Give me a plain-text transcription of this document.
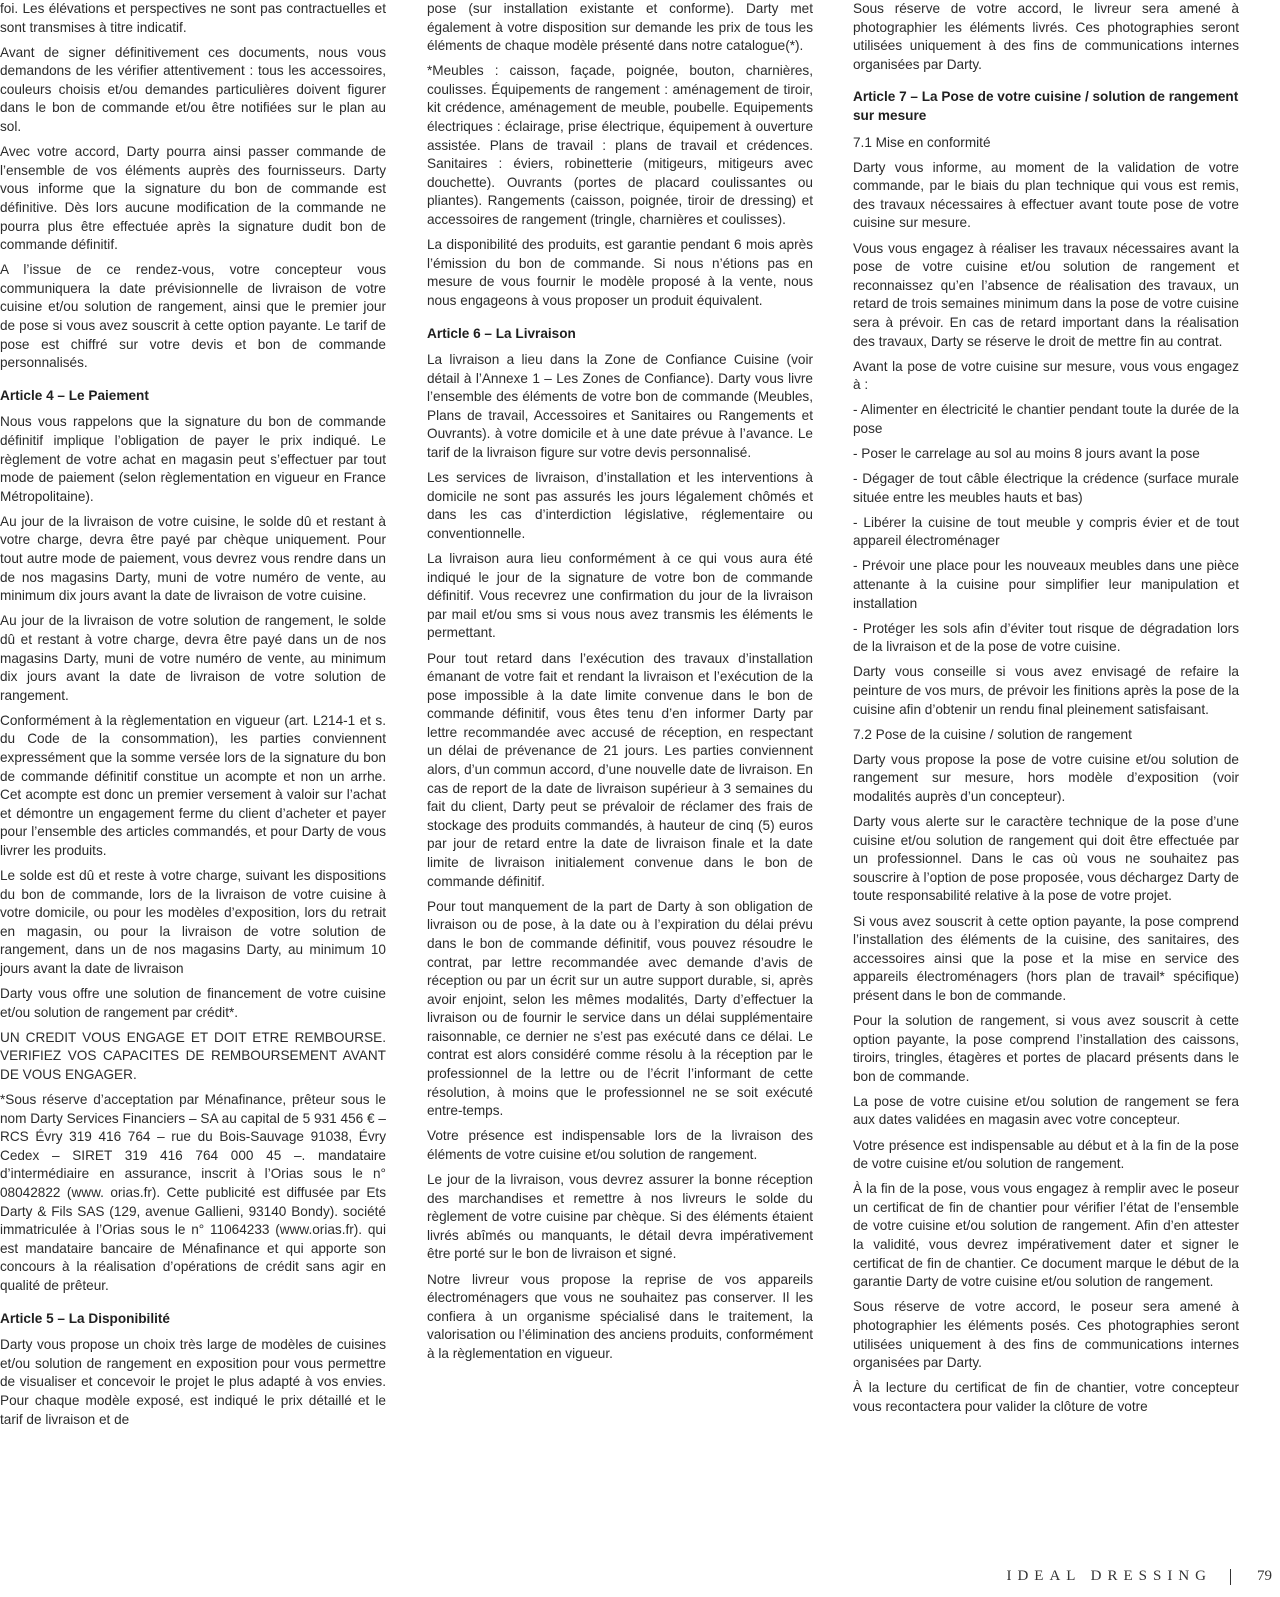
foi. Les élévations et perspectives ne sont pas contractuelles et sont transmises à titre indicatif.

Avant de signer définitivement ces documents, nous vous demandons de les vérifier attentivement : tous les accessoires, couleurs choisis et/ou demandes particulières doivent figurer dans le bon de commande et/ou être notifiées sur le plan au sol.

Avec votre accord, Darty pourra ainsi passer commande de l’ensemble de vos éléments auprès des fournisseurs. Darty vous informe que la signature du bon de commande est définitive. Dès lors aucune modification de la commande ne pourra plus être effectuée après la signature dudit bon de commande définitif.

A l’issue de ce rendez-vous, votre concepteur vous communiquera la date prévisionnelle de livraison de votre cuisine et/ou solution de rangement, ainsi que le premier jour de pose si vous avez souscrit à cette option payante. Le tarif de pose est chiffré sur votre devis et bon de commande personnalisés.

Article 4 – Le Paiement

Nous vous rappelons que la signature du bon de commande définitif implique l’obligation de payer le prix indiqué. Le règlement de votre achat en magasin peut s’effectuer par tout mode de paiement (selon règlementation en vigueur en France Métropolitaine).

Au jour de la livraison de votre cuisine, le solde dû et restant à votre charge, devra être payé par chèque uniquement. Pour tout autre mode de paiement, vous devrez vous rendre dans un de nos magasins Darty, muni de votre numéro de vente, au minimum dix jours avant la date de livraison de votre cuisine.

Au jour de la livraison de votre solution de rangement, le solde dû et restant à votre charge, devra être payé dans un de nos magasins Darty, muni de votre numéro de vente, au minimum dix jours avant la date de livraison de votre solution de rangement.

Conformément à la règlementation en vigueur (art. L214-1 et s. du Code de la consommation), les parties conviennent expressément que la somme versée lors de la signature du bon de commande définitif constitue un acompte et non un arrhe. Cet acompte est donc un premier versement à valoir sur l’achat et démontre un engagement ferme du client d’acheter et payer pour l’ensemble des articles commandés, et pour Darty de vous livrer les produits.

Le solde est dû et reste à votre charge, suivant les dispositions du bon de commande, lors de la livraison de votre cuisine à votre domicile, ou pour les modèles d’exposition, lors du retrait en magasin, ou pour la livraison de votre solution de rangement, dans un de nos magasins Darty, au minimum 10 jours avant la date de livraison

Darty vous offre une solution de financement de votre cuisine et/ou solution de rangement par crédit*.

UN CREDIT VOUS ENGAGE ET DOIT ETRE REMBOURSE. VERIFIEZ VOS CAPACITES DE REMBOURSEMENT AVANT DE VOUS ENGAGER.

*Sous réserve d’acceptation par Ménafinance, prêteur sous le nom Darty Services Financiers – SA au capital de 5 931 456 € – RCS Évry 319 416 764 – rue du Bois-Sauvage 91038, Évry Cedex – SIRET 319 416 764 000 45 –. mandataire d’intermédiaire en assurance, inscrit à l’Orias sous le n° 08042822 (www. orias.fr). Cette publicité est diffusée par Ets Darty & Fils SAS (129, avenue Gallieni, 93140 Bondy). société immatriculée à l’Orias sous le n° 11064233 (www.orias.fr). qui est mandataire bancaire de Ménafinance et qui apporte son concours à la réalisation d’opérations de crédit sans agir en qualité de prêteur.

Article 5 – La Disponibilité

Darty vous propose un choix très large de modèles de cuisines et/ou solution de rangement en exposition pour vous permettre de visualiser et concevoir le projet le plus adapté à vos envies. Pour chaque modèle exposé, est indiqué le prix détaillé et le tarif de livraison et de

pose (sur installation existante et conforme). Darty met également à votre disposition sur demande les prix de tous les éléments de chaque modèle présenté dans notre catalogue(*).

*Meubles : caisson, façade, poignée, bouton, charnières, coulisses. Équipements de rangement : aménagement de tiroir, kit crédence, aménagement de meuble, poubelle. Equipements électriques : éclairage, prise électrique, équipement à ouverture assistée. Plans de travail : plans de travail et crédences. Sanitaires : éviers, robinetterie (mitigeurs, mitigeurs avec douchette). Ouvrants (portes de placard coulissantes ou pliantes). Rangements (caisson, poignée, tiroir de dressing) et accessoires de rangement (tringle, charnières et coulisses).

La disponibilité des produits, est garantie pendant 6 mois après l’émission du bon de commande. Si nous n’étions pas en mesure de vous fournir le modèle proposé à la vente, nous nous engageons à vous proposer un produit équivalent.

Article 6 – La Livraison

La livraison a lieu dans la Zone de Confiance Cuisine (voir détail à l’Annexe 1 – Les Zones de Confiance). Darty vous livre l’ensemble des éléments de votre bon de commande (Meubles, Plans de travail, Accessoires et Sanitaires ou Rangements et Ouvrants). à votre domicile et à une date prévue à l’avance. Le tarif de la livraison figure sur votre devis personnalisé.

Les services de livraison, d’installation et les interventions à domicile ne sont pas assurés les jours légalement chômés et dans les cas d’interdiction législative, réglementaire ou conventionnelle.

La livraison aura lieu conformément à ce qui vous aura été indiqué le jour de la signature de votre bon de commande définitif. Vous recevrez une confirmation du jour de la livraison par mail et/ou sms si vous nous avez transmis les éléments le permettant.

Pour tout retard dans l’exécution des travaux d’installation émanant de votre fait et rendant la livraison et l’exécution de la pose impossible à la date limite convenue dans le bon de commande définitif, vous êtes tenu d’en informer Darty par lettre recommandée avec accusé de réception, en respectant un délai de prévenance de 21 jours. Les parties conviennent alors, d’un commun accord, d’une nouvelle date de livraison. En cas de report de la date de livraison supérieur à 3 semaines du fait du client, Darty peut se prévaloir de réclamer des frais de stockage des produits commandés, à hauteur de cinq (5) euros par jour de retard entre la date de livraison finale et la date limite de livraison initialement convenue dans le bon de commande définitif.

Pour tout manquement de la part de Darty à son obligation de livraison ou de pose, à la date ou à l’expiration du délai prévu dans le bon de commande définitif, vous pouvez résoudre le contrat, par lettre recommandée avec demande d’avis de réception ou par un écrit sur un autre support durable, si, après avoir enjoint, selon les mêmes modalités, Darty d’effectuer la livraison ou de fournir le service dans un délai supplémentaire raisonnable, ce dernier ne s’est pas exécuté dans ce délai. Le contrat est alors considéré comme résolu à la réception par le professionnel de la lettre ou de l’écrit l’informant de cette résolution, à moins que le professionnel ne se soit exécuté entre-temps.

Votre présence est indispensable lors de la livraison des éléments de votre cuisine et/ou solution de rangement.

Le jour de la livraison, vous devrez assurer la bonne réception des marchandises et remettre à nos livreurs le solde du règlement de votre cuisine par chèque. Si des éléments étaient livrés abîmés ou manquants, le détail devra impérativement être porté sur le bon de livraison et signé.

Notre livreur vous propose la reprise de vos appareils électroménagers que vous ne souhaitez pas conserver. Il les confiera à un organisme spécialisé dans le traitement, la valorisation ou l’élimination des anciens produits, conformément à la règlementation en vigueur.

Sous réserve de votre accord, le livreur sera amené à photographier les éléments livrés. Ces photographies seront utilisées uniquement à des fins de communications internes organisées par Darty.

Article 7 – La Pose de votre cuisine / solution de rangement sur mesure

7.1 Mise en conformité

Darty vous informe, au moment de la validation de votre commande, par le biais du plan technique qui vous est remis, des travaux nécessaires à effectuer avant toute pose de votre cuisine sur mesure.

Vous vous engagez à réaliser les travaux nécessaires avant la pose de votre cuisine et/ou solution de rangement et reconnaissez qu’en l’absence de réalisation des travaux, un retard de trois semaines minimum dans la pose de votre cuisine sera à prévoir. En cas de retard important dans la réalisation des travaux, Darty se réserve le droit de mettre fin au contrat.

Avant la pose de votre cuisine sur mesure, vous vous engagez à :

- Alimenter en électricité le chantier pendant toute la durée de la pose

- Poser le carrelage au sol au moins 8 jours avant la pose

- Dégager de tout câble électrique la crédence (surface murale située entre les meubles hauts et bas)

- Libérer la cuisine de tout meuble y compris évier et de tout appareil électroménager

- Prévoir une place pour les nouveaux meubles dans une pièce attenante à la cuisine pour simplifier leur manipulation et installation

- Protéger les sols afin d’éviter tout risque de dégradation lors de la livraison et de la pose de votre cuisine.

Darty vous conseille si vous avez envisagé de refaire la peinture de vos murs, de prévoir les finitions après la pose de la cuisine afin d’obtenir un rendu final pleinement satisfaisant.

7.2 Pose de la cuisine / solution de rangement

Darty vous propose la pose de votre cuisine et/ou solution de rangement sur mesure, hors modèle d’exposition (voir modalités auprès d’un concepteur).

Darty vous alerte sur le caractère technique de la pose d’une cuisine et/ou solution de rangement qui doit être effectuée par un professionnel. Dans le cas où vous ne souhaitez pas souscrire à l’option de pose proposée, vous déchargez Darty de toute responsabilité relative à la pose de votre projet.

Si vous avez souscrit à cette option payante, la pose comprend l’installation des éléments de la cuisine, des sanitaires, des accessoires ainsi que la pose et la mise en service des appareils électroménagers (hors plan de travail* spécifique) présent dans le bon de commande.

Pour la solution de rangement, si vous avez souscrit à cette option payante, la pose comprend l’installation des caissons, tiroirs, tringles, étagères et portes de placard présents dans le bon de commande.

La pose de votre cuisine et/ou solution de rangement se fera aux dates validées en magasin avec votre concepteur.

Votre présence est indispensable au début et à la fin de la pose de votre cuisine et/ou solution de rangement.

À la fin de la pose, vous vous engagez à remplir avec le poseur un certificat de fin de chantier pour vérifier l’état de l’ensemble de votre cuisine et/ou solution de rangement. Afin d’en attester la validité, vous devrez impérativement dater et signer le certificat de fin de chantier. Ce document marque le début de la garantie Darty de votre cuisine et/ou solution de rangement.

Sous réserve de votre accord, le poseur sera amené à photographier les éléments posés. Ces photographies seront utilisées uniquement à des fins de communications internes organisées par Darty.

À la lecture du certificat de fin de chantier, votre concepteur vous recontactera pour valider la clôture de votre

IDEAL DRESSING	79
